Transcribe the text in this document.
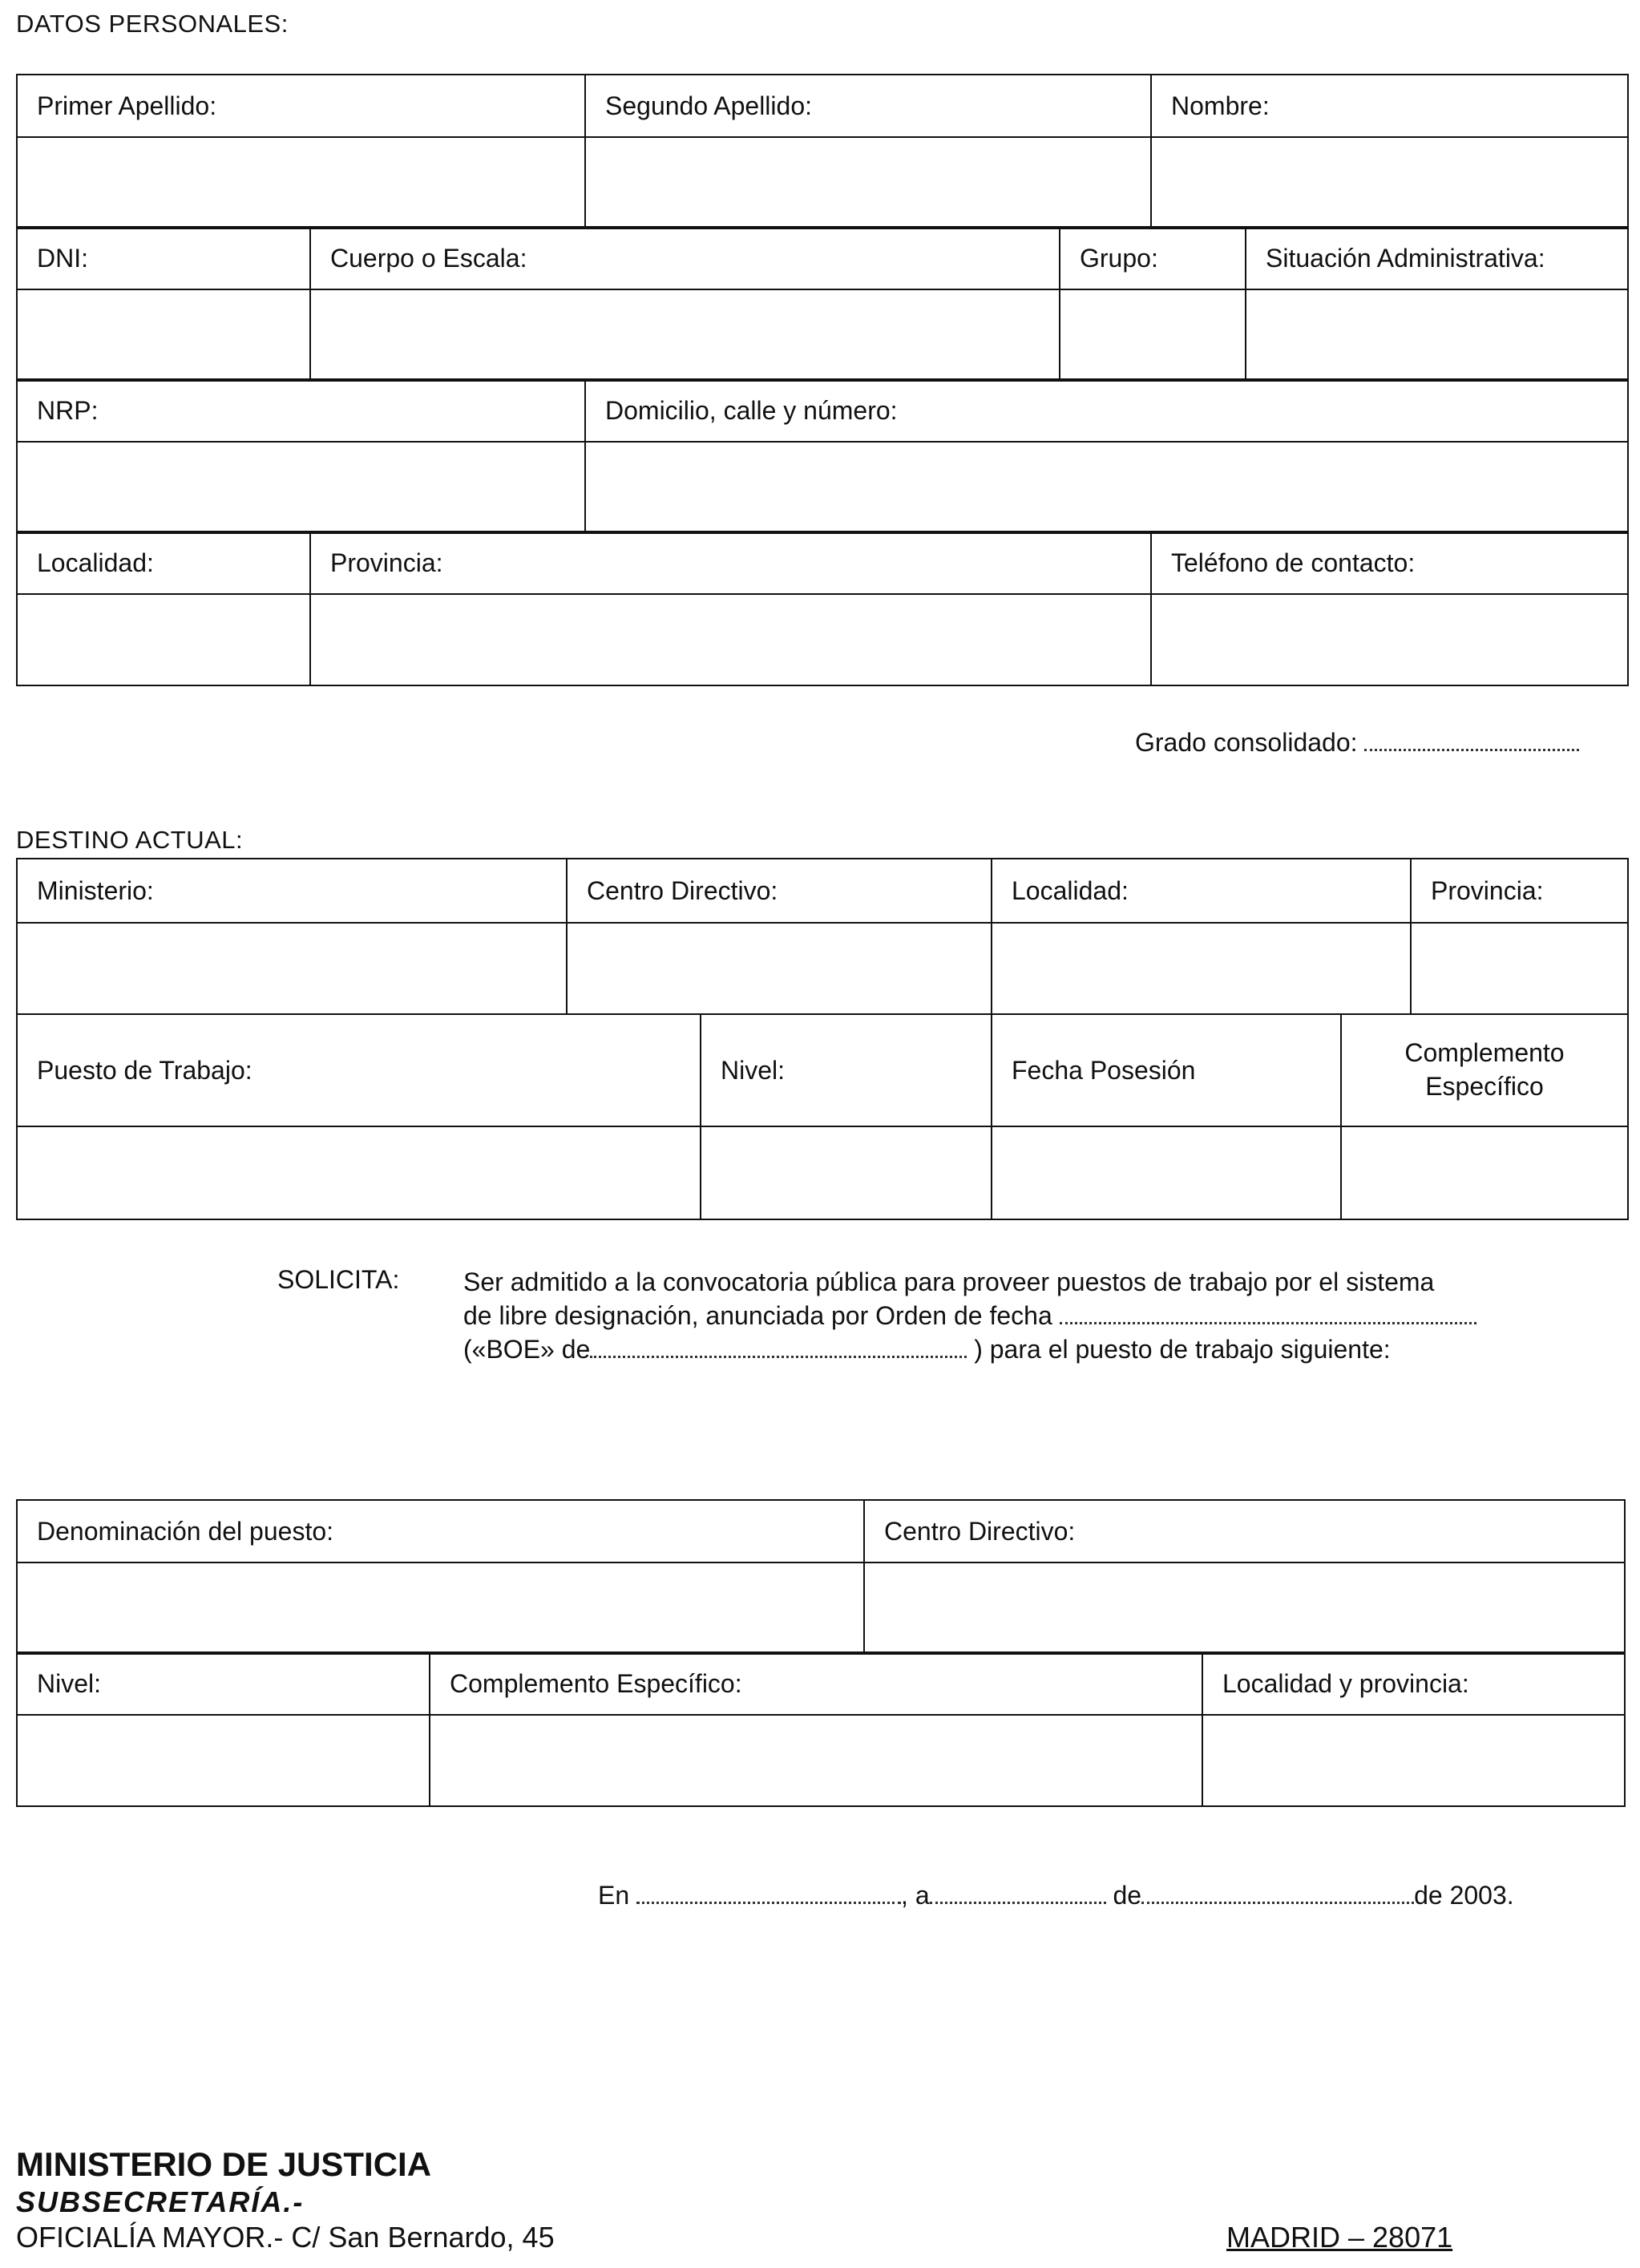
DATOS PERSONALES:
Primer Apellido:	Segundo Apellido:	Nombre:

DNI:	Cuerpo o Escala:	Grupo:	Situación Administrativa:

NRP:	Domicilio, calle y número:

Localidad:	Provincia:	Teléfono de contacto:

Grado consolidado:
DESTINO ACTUAL:
Ministerio:	Centro Directivo:	Localidad:	Provincia:

Puesto de Trabajo:	Nivel:	Fecha Posesión	Complemento
Específico

SOLICITA: Ser admitido a la convocatoria pública para proveer puestos de trabajo por el sistema
de libre designación, anunciada por Orden de fecha
(«BOE» de	) para el puesto de trabajo siguiente:
Denominación del puesto:	Centro Directivo:

Nivel:	Complemento Específico:	Localidad y provincia:

En	, a	de	de 2003.
MINISTERIO DE JUSTICIA
SUBSECRETARÍA.-
OFICIALÍA MAYOR.- C/ San Bernardo, 45	MADRID – 28071
